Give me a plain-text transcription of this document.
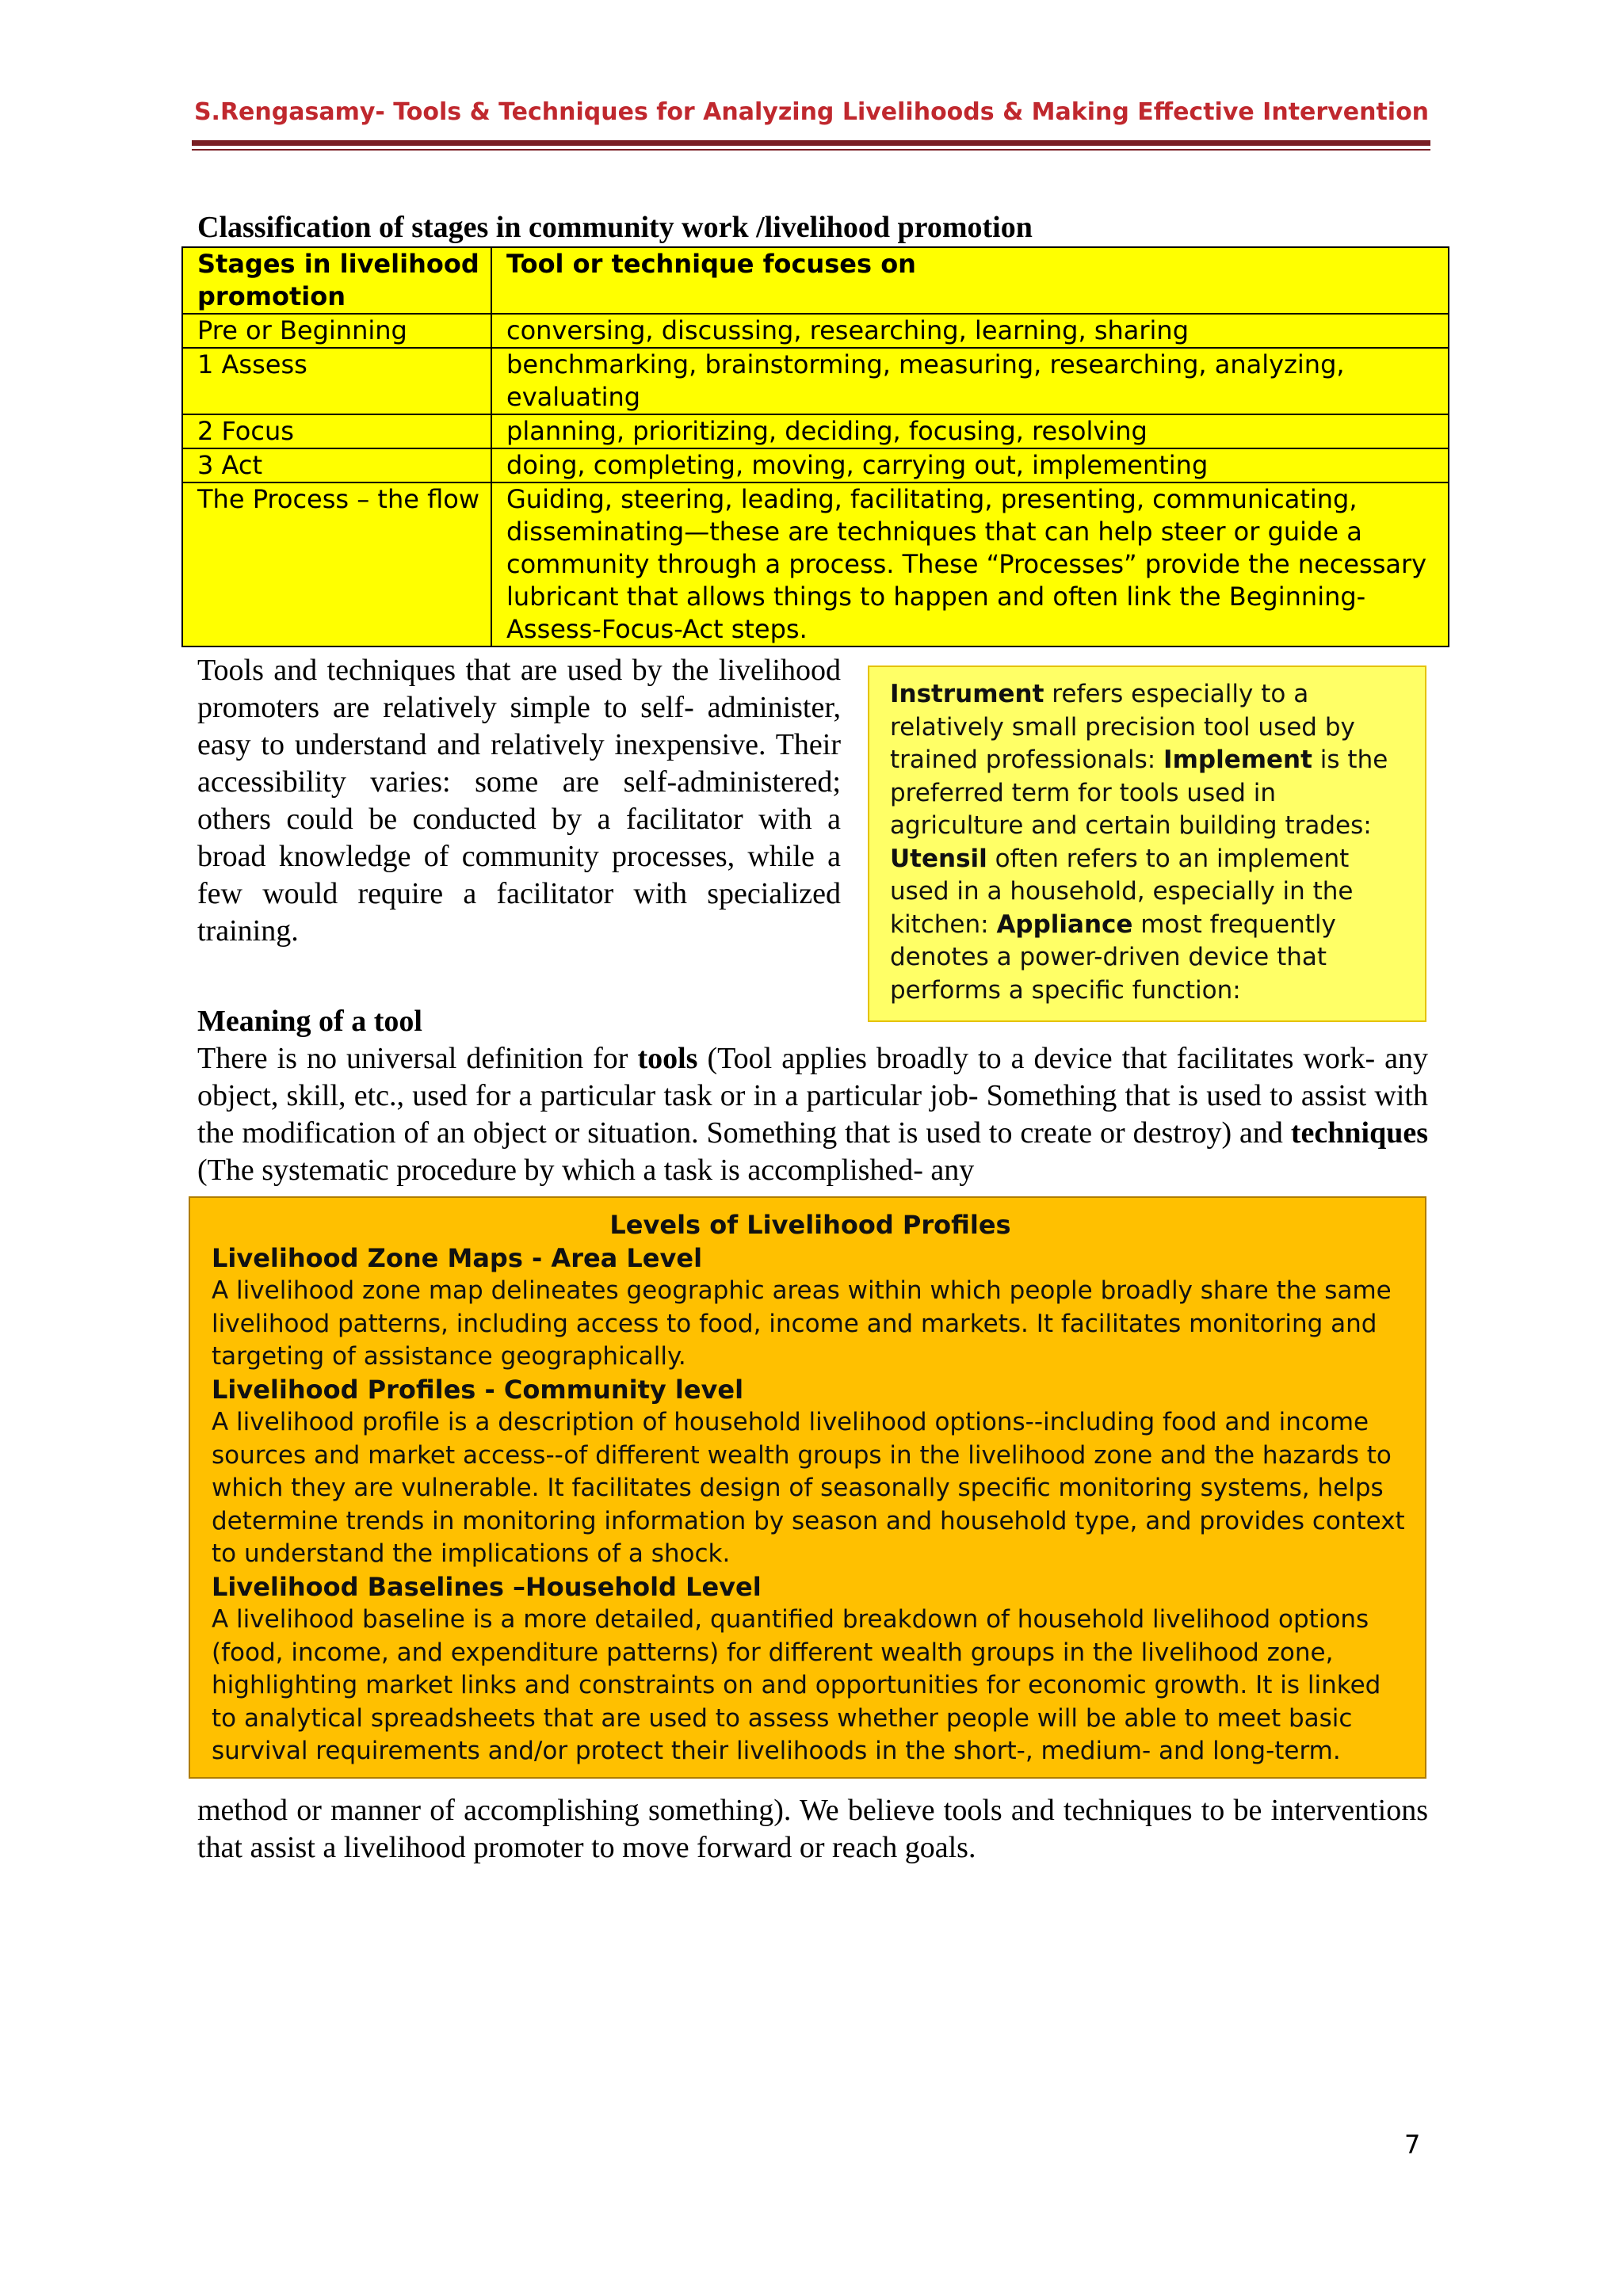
S.Rengasamy- Tools & Techniques for Analyzing Livelihoods & Making Effective Intervention
Classification of stages in community work /livelihood promotion
Stages in livelihood promotion	Tool or technique focuses on
Pre or Beginning	conversing, discussing, researching, learning, sharing
1 Assess	benchmarking, brainstorming, measuring, researching, analyzing, evaluating
2 Focus	planning, prioritizing, deciding, focusing, resolving
3 Act	doing, completing, moving, carrying out, implementing
The Process – the flow	Guiding, steering, leading, facilitating, presenting, communicating, disseminating—these are techniques that can help steer or guide a community through a process. These “Processes” provide the necessary lubricant that allows things to happen and often link the Beginning-Assess-Focus-Act steps.
Tools and techniques that are used by the livelihood promoters are relatively simple to self- administer, easy to understand and relatively inexpensive. Their accessibility varies: some are self-administered; others could be conducted by a facilitator with a broad knowledge of community processes, while a few would require a facilitator with specialized training.
Instrument refers especially to a relatively small precision tool used by trained professionals: Implement is the preferred term for tools used in agriculture and certain building trades: Utensil often refers to an implement used in a household, especially in the kitchen: Appliance most frequently denotes a power-driven device that performs a specific function:
Meaning of a tool
There is no universal definition for tools (Tool applies broadly to a device that facilitates work- any object, skill, etc., used for a particular task or in a particular job- Something that is used to assist with the modification of an object or situation. Something that is used to create or destroy) and techniques (The systematic procedure by which a task is accomplished- any
Levels of Livelihood Profiles
Livelihood Zone Maps - Area Level
A livelihood zone map delineates geographic areas within which people broadly share the same livelihood patterns, including access to food, income and markets. It facilitates monitoring and targeting of assistance geographically.
Livelihood Profiles - Community level
A livelihood profile is a description of household livelihood options--including food and income sources and market access--of different wealth groups in the livelihood zone and the hazards to which they are vulnerable. It facilitates design of seasonally specific monitoring systems, helps determine trends in monitoring information by season and household type, and provides context to understand the implications of a shock.
Livelihood Baselines –Household Level
A livelihood baseline is a more detailed, quantified breakdown of household livelihood options (food, income, and expenditure patterns) for different wealth groups in the livelihood zone, highlighting market links and constraints on and opportunities for economic growth. It is linked to analytical spreadsheets that are used to assess whether people will be able to meet basic survival requirements and/or protect their livelihoods in the short-, medium- and long-term.
method or manner of accomplishing something). We believe tools and techniques to be interventions that assist a livelihood promoter to move forward or reach goals.
7
